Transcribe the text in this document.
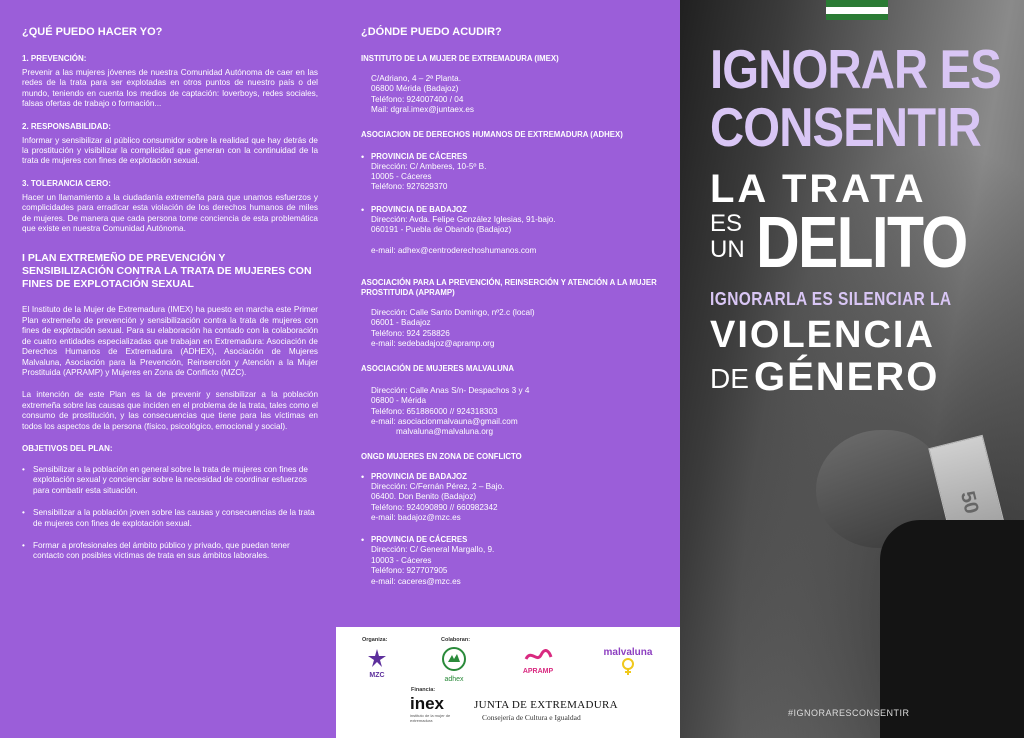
¿QUÉ PUEDO HACER YO?
1. PREVENCIÓN:

Prevenir a las mujeres jóvenes de nuestra Comunidad Autónoma de caer en las redes de la trata para ser explotadas en otros puntos de nuestro país o del mundo, teniendo en cuenta los medios de captación: loverboys, redes sociales, falsas ofertas de trabajo o formación...

2. RESPONSABILIDAD:

Informar y sensibilizar al público consumidor sobre la realidad que hay detrás de la prostitución y visibilizar la complicidad que generan con la continuidad de la trata de mujeres con fines de explotación sexual.

3. TOLERANCIA CERO:

Hacer un llamamiento a la ciudadanía extremeña para que unamos esfuerzos y complicidades para erradicar esta violación de los derechos humanos de miles de mujeres. De manera que cada persona tome conciencia de esta problemática que existe en nuestra Comunidad Autónoma.

I PLAN EXTREMEÑO DE PREVENCIÓN Y SENSIBILIZACIÓN CONTRA LA TRATA DE MUJERES CON FINES DE EXPLOTACIÓN SEXUAL

El Instituto de la Mujer de Extremadura (IMEX) ha puesto en marcha este Primer Plan extremeño de prevención y sensibilización contra la trata de mujeres con fines de explotación sexual. Para su elaboración ha contado con la colaboración de cuatro entidades especializadas que trabajan en Extremadura: Asociación de Derechos Humanos de Extremadura (ADHEX), Asociación de Mujeres Malvaluna, Asociación para la Prevención, Reinserción y Atención a la Mujer Prostituida (APRAMP) y Mujeres en Zona de Conflicto (MZC).

La intención de este Plan es la de prevenir y sensibilizar a la población extremeña sobre las causas que inciden en el problema de la trata, tales como el consumo de prostitución, y las consecuencias que tiene para las víctimas en todos los aspectos de la persona (físico, psicológico, emocional y social).

OBJETIVOS DEL PLAN:
• Sensibilizar a la población en general sobre la trata de mujeres con fines de explotación sexual y concienciar sobre la necesidad de coordinar esfuerzos para combatir esta situación.
• Sensibilizar a la población joven sobre las causas y consecuencias de la trata de mujeres con fines de explotación sexual.
• Formar a profesionales del ámbito público y privado, que puedan tener contacto con posibles víctimas de trata en sus ámbitos laborales.
¿DÓNDE PUEDO ACUDIR?
INSTITUTO DE LA MUJER DE EXTREMADURA (IMEX)
C/Adriano, 4 – 2ª Planta.
06800 Mérida (Badajoz)
Teléfono: 924007400 / 04
Mail: dgral.imex@juntaex.es
ASOCIACION DE DERECHOS HUMANOS DE EXTREMADURA (ADHEX)
• PROVINCIA DE CÁCERES
Dirección: C/ Amberes, 10-5º B.
10005 - Cáceres
Teléfono: 927629370
• PROVINCIA DE BADAJOZ
Dirección: Avda. Felipe González Iglesias, 91-bajo.
060191 - Puebla de Obando (Badajoz)
e-mail: adhex@centroderechoshumanos.com
ASOCIACIÓN PARA LA PREVENCIÓN, REINSERCIÓN Y ATENCIÓN A LA MUJER PROSTITUIDA (APRAMP)
Dirección: Calle Santo Domingo, nº2.c (local)
06001 - Badajoz
Teléfono: 924 258826
e-mail: sedebadajoz@apramp.org
ASOCIACIÓN DE MUJERES MALVALUNA
Dirección: Calle Anas S/n- Despachos 3 y 4
06800 - Mérida
Teléfono: 651886000 // 924318303
e-mail: asociacionmalvauna@gmail.com
malvaluna@malvaluna.org
ONGD MUJERES EN ZONA DE CONFLICTO
• PROVINCIA DE BADAJOZ
Dirección: C/Fernán Pérez, 2 – Bajo.
06400. Don Benito (Badajoz)
Teléfono: 924090890 // 660982342
e-mail: badajoz@mzc.es
• PROVINCIA DE CÁCERES
Dirección: C/ General Margallo, 9.
10003 - Cáceres
Teléfono: 927707905
e-mail: caceres@mzc.es
Organiza:	Colaboran:
Financia:
MZC
adhex
APRAMP
malvaluna
inex
instituto de la mujer de extremadura
JUNTA DE EXTREMADURA
Consejería de Cultura e Igualdad
50
IGNORAR ES
CONSENTIR
LA TRATA
ES
UN DELITO
IGNORARLA ES SILENCIAR LA
VIOLENCIA
DE GÉNERO
#IGNORARESCONSENTIR
